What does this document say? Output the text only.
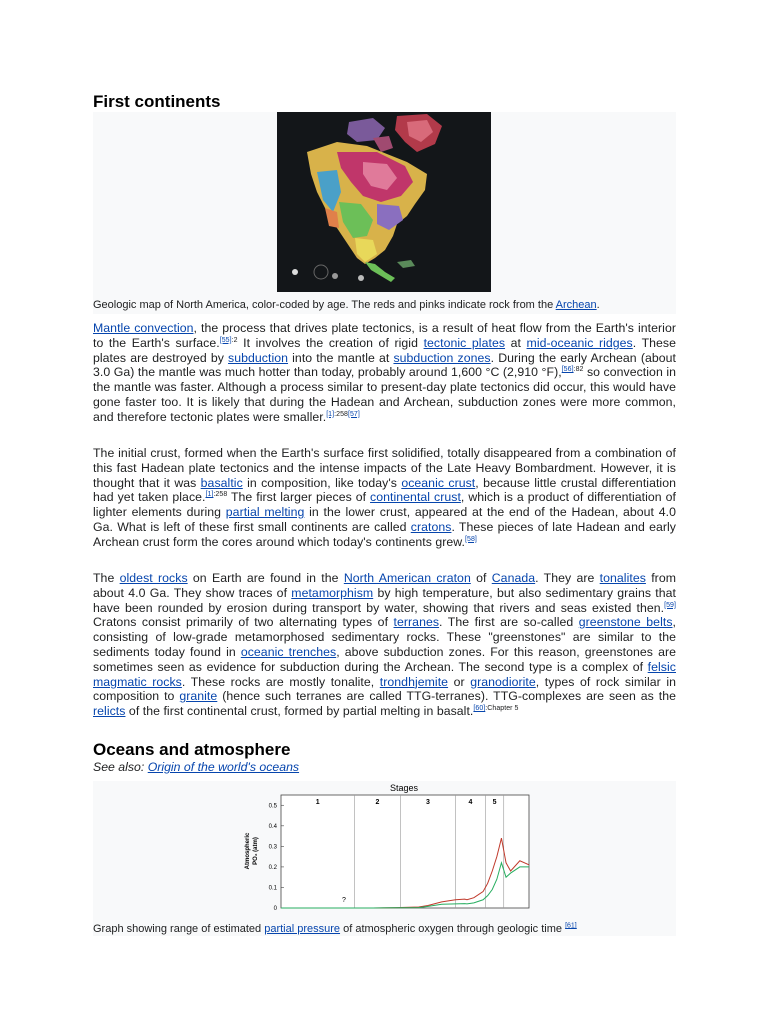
First continents
Geologic map of North America, color-coded by age. The reds and pinks indicate rock from the Archean.

Mantle convection, the process that drives plate tectonics, is a result of heat flow from the Earth's interior to the Earth's surface.$^{[55]:2}$ It involves the creation of rigid tectonic plates at mid-oceanic ridges. These plates are destroyed by subduction into the mantle at subduction zones. During the early Archean (about 3.0 Ga) the mantle was much hotter than today, probably around 1,600 °C (2,910 °F),$^{[56]:82}$ so convection in the mantle was faster. Although a process similar to present-day plate tectonics did occur, this would have gone faster too. It is likely that during the Hadean and Archean, subduction zones were more common, and therefore tectonic plates were smaller.[1]:258[57]

The initial crust, formed when the Earth's surface first solidified, totally disappeared from a combination of this fast Hadean plate tectonics and the intense impacts of the Late Heavy Bombardment. However, it is thought that it was basaltic in composition, like today's oceanic crust, because little crustal differentiation had yet taken place.$^{[1]:258}$ The first larger pieces of continental crust, which is a product of differentiation of lighter elements during partial melting in the lower crust, appeared at the end of the Hadean, about 4.0 Ga. What is left of these first small continents are called cratons. These pieces of late Hadean and early Archean crust form the cores around which today's continents grew.[58]

The oldest rocks on Earth are found in the North American craton of Canada. They are tonalites from about 4.0 Ga. They show traces of metamorphism by high temperature, but also sedimentary grains that have been rounded by erosion during transport by water, showing that rivers and seas existed then.[59] Cratons consist primarily of two alternating types of terranes. The first are so-called greenstone belts, consisting of low-grade metamorphosed sedimentary rocks. These "greenstones" are similar to the sediments today found in oceanic trenches, above subduction zones. For this reason, greenstones are sometimes seen as evidence for subduction during the Archean. The second type is a complex of felsic magmatic rocks. These rocks are mostly tonalite, trondhjemite or granodiorite, types of rock similar in composition to granite (hence such terranes are called TTG-terranes). TTG-complexes are seen as the relicts of the first continental crust, formed by partial melting in basalt.$^{[60]:Chapter 5}$

Oceans and atmosphere
See also: Origin of the world's oceans
Stages
1	2	3	4	5
0
0.1
0.2
0.3
0.4
0.5
Atmospheric PO₂ (atm)
?
Graph showing range of estimated partial pressure of atmospheric oxygen through geologic time [61]
